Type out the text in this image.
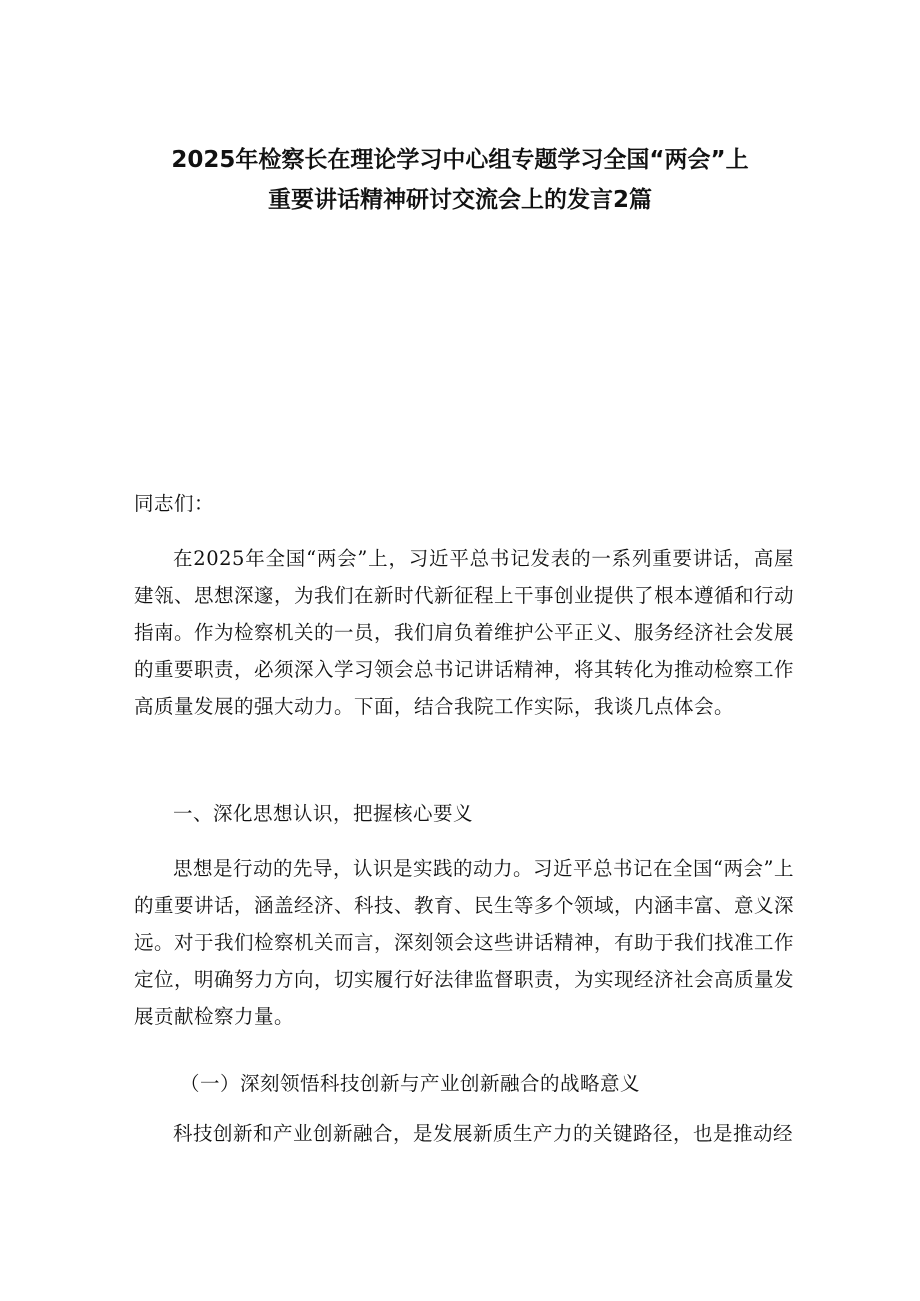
2025年检察长在理论学习中心组专题学习全国“两会”上
重要讲话精神研讨交流会上的发言2篇
同志们：
在2025年全国“两会”上，习近平总书记发表的一系列重要讲话，高屋建瓴、思想深邃，为我们在新时代新征程上干事创业提供了根本遵循和行动指南。作为检察机关的一员，我们肩负着维护公平正义、服务经济社会发展的重要职责，必须深入学习领会总书记讲话精神，将其转化为推动检察工作高质量发展的强大动力。下面，结合我院工作实际，我谈几点体会。
一、深化思想认识，把握核心要义
思想是行动的先导，认识是实践的动力。习近平总书记在全国“两会”上的重要讲话，涵盖经济、科技、教育、民生等多个领域，内涵丰富、意义深远。对于我们检察机关而言，深刻领会这些讲话精神，有助于我们找准工作定位，明确努力方向，切实履行好法律监督职责，为实现经济社会高质量发展贡献检察力量。
（一）深刻领悟科技创新与产业创新融合的战略意义
科技创新和产业创新融合，是发展新质生产力的关键路径，也是推动经
